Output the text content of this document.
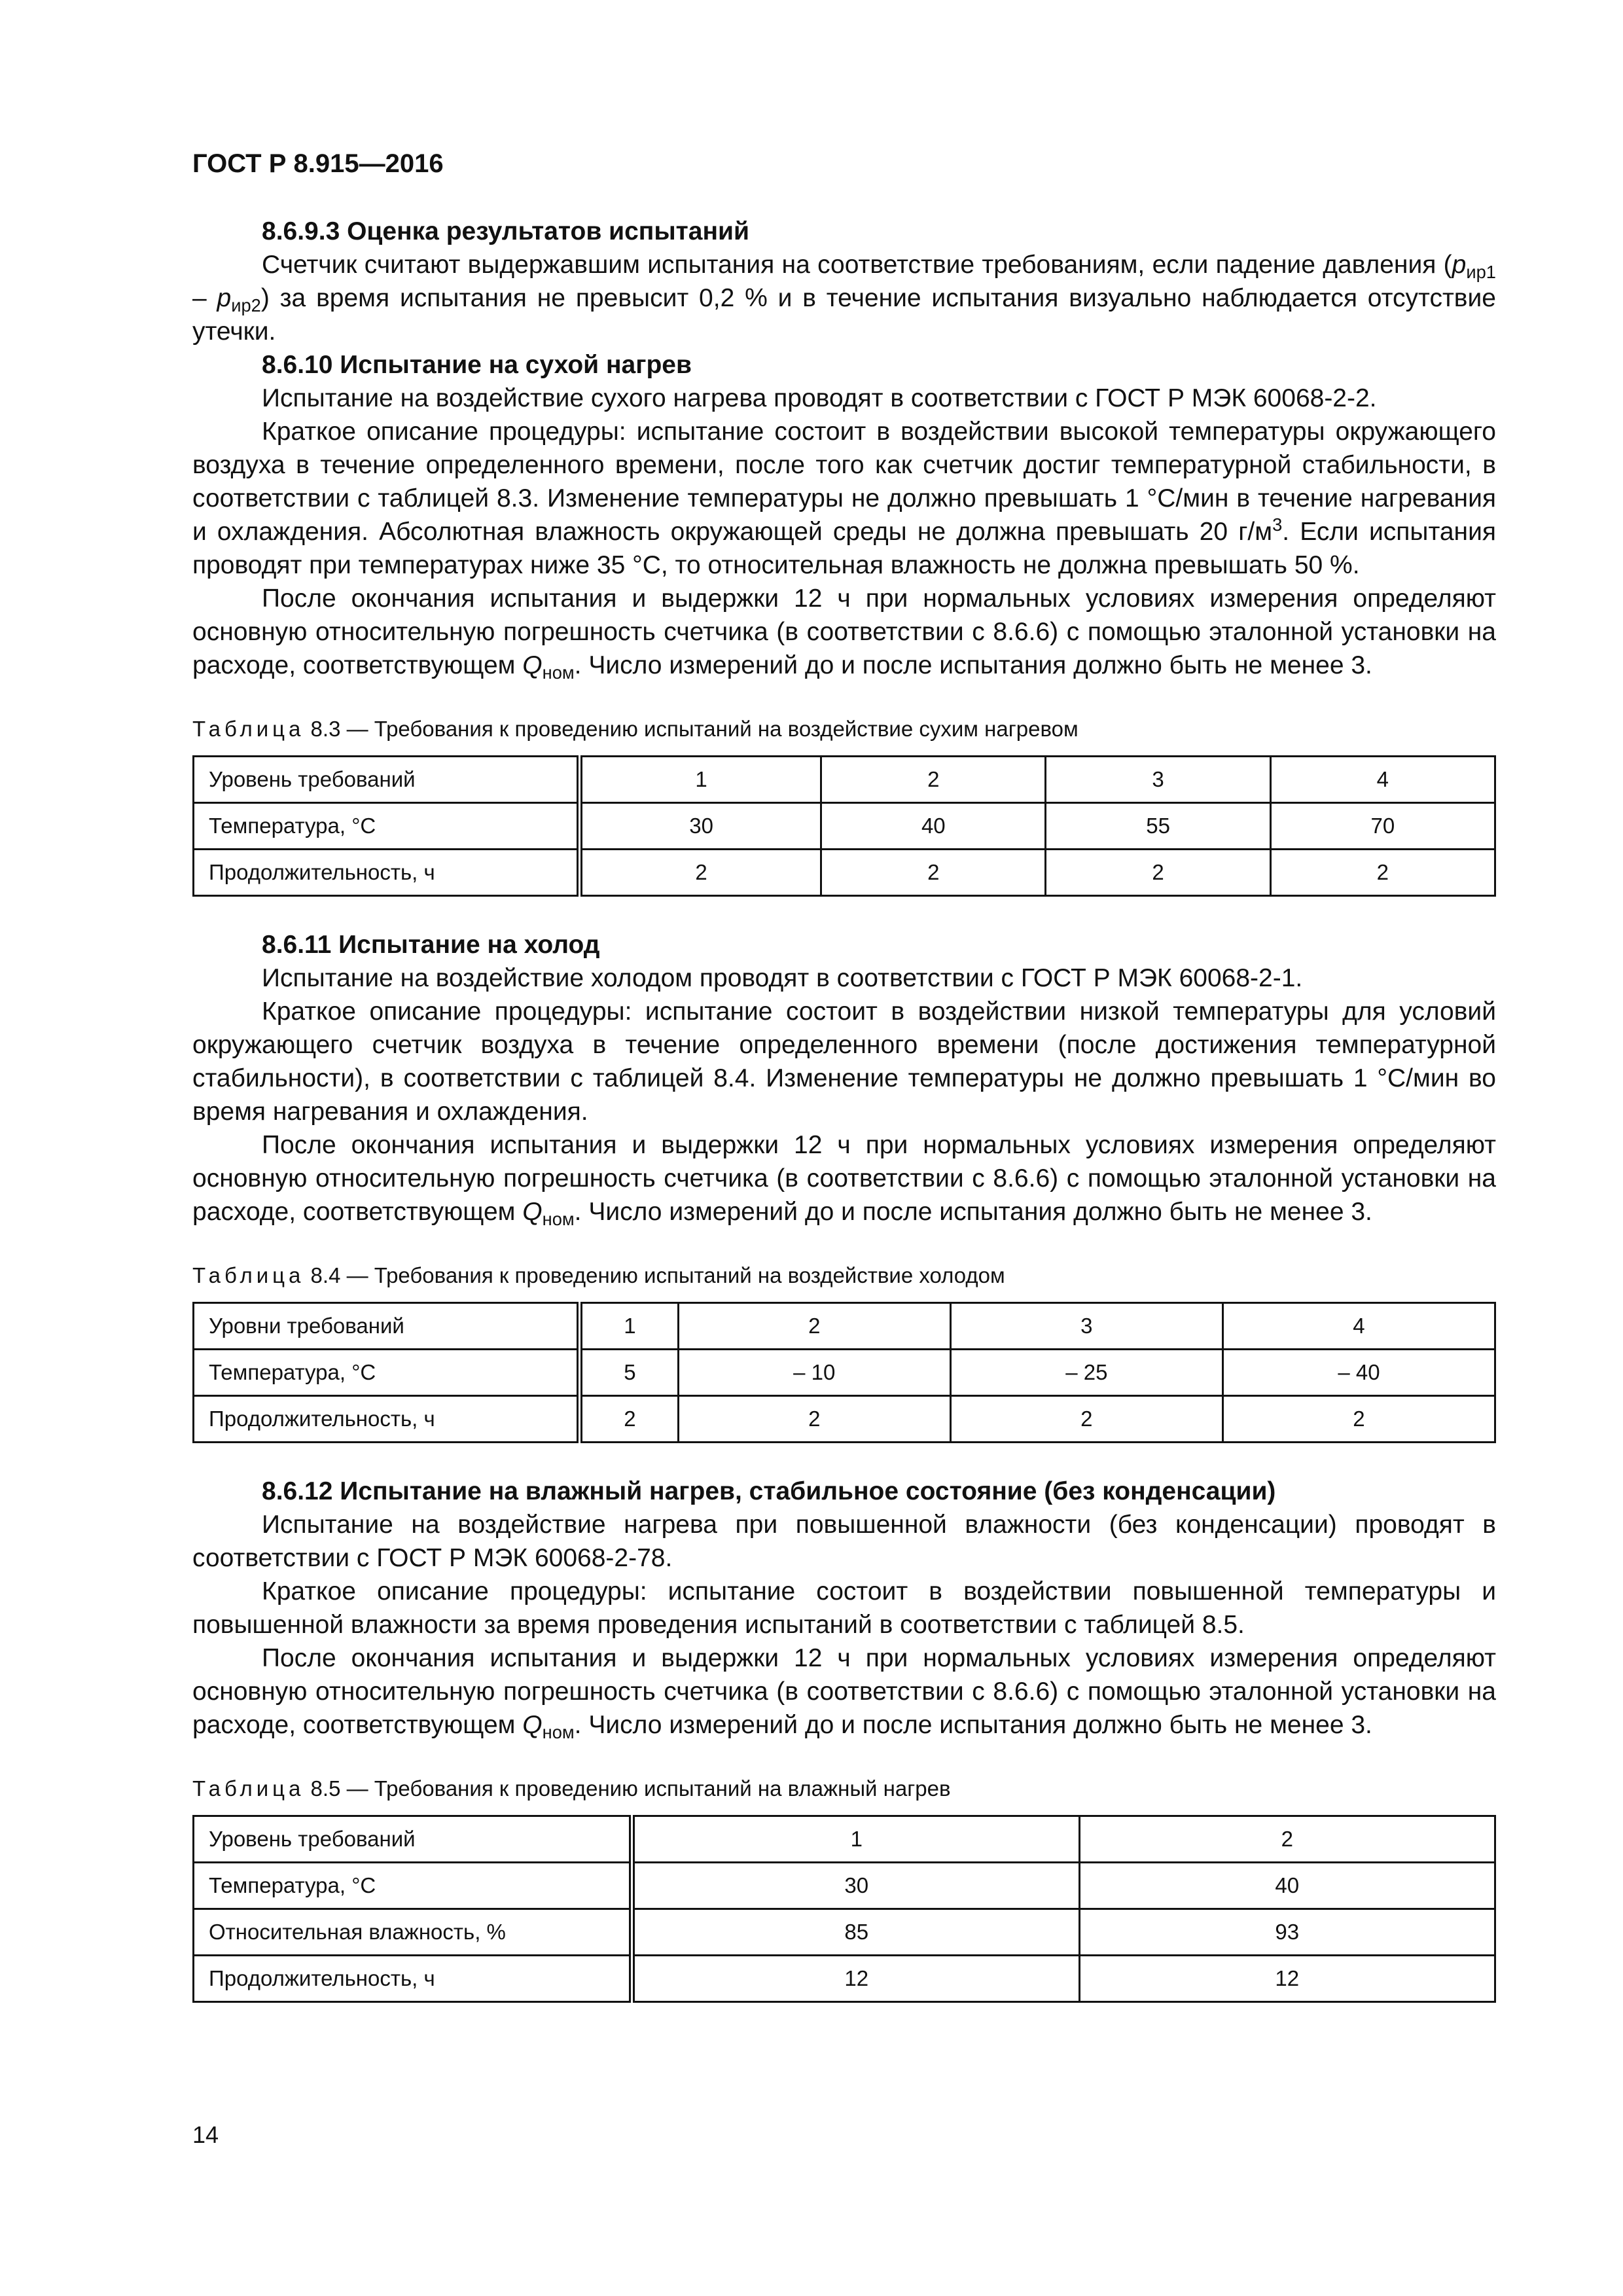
ГОСТ Р 8.915—2016

8.6.9.3 Оценка результатов испытаний

Счетчик считают выдержавшим испытания на соответствие требованиям, если падение давления $(p_{ир1} - p_{ир2})$ за время испытания не превысит 0,2 % и в течение испытания визуально наблюдается отсутствие утечки.

8.6.10 Испытание на сухой нагрев

Испытание на воздействие сухого нагрева проводят в соответствии с ГОСТ Р МЭК 60068-2-2.

Краткое описание процедуры: испытание состоит в воздействии высокой температуры окружающего воздуха в течение определенного времени, после того как счетчик достиг температурной стабильности, в соответствии с таблицей 8.3. Изменение температуры не должно превышать 1 °С/мин в течение нагревания и охлаждения. Абсолютная влажность окружающей среды не должна превышать 20 $г/м^3$. Если испытания проводят при температурах ниже 35 °С, то относительная влажность не должна превышать 50 %.

После окончания испытания и выдержки 12 ч при нормальных условиях измерения определяют основную относительную погрешность счетчика (в соответствии с 8.6.6) с помощью эталонной установки на расходе, соответствующем $Q_{ном}$. Число измерений до и после испытания должно быть не менее 3.

Таблица 8.3 — Требования к проведению испытаний на воздействие сухим нагревом
Уровень требований	1	2	3	4
Температура, °С	30	40	55	70
Продолжительность, ч	2	2	2	2

8.6.11 Испытание на холод

Испытание на воздействие холодом проводят в соответствии с ГОСТ Р МЭК 60068-2-1.

Краткое описание процедуры: испытание состоит в воздействии низкой температуры для условий окружающего счетчик воздуха в течение определенного времени (после достижения температурной стабильности), в соответствии с таблицей 8.4. Изменение температуры не должно превышать 1 °С/мин во время нагревания и охлаждения.

После окончания испытания и выдержки 12 ч при нормальных условиях измерения определяют основную относительную погрешность счетчика (в соответствии с 8.6.6) с помощью эталонной установки на расходе, соответствующем $Q_{ном}$. Число измерений до и после испытания должно быть не менее 3.

Таблица 8.4 — Требования к проведению испытаний на воздействие холодом
Уровни требований	1	2	3	4
Температура, °С	5	– 10	– 25	– 40
Продолжительность, ч	2	2	2	2

8.6.12 Испытание на влажный нагрев, стабильное состояние (без конденсации)

Испытание на воздействие нагрева при повышенной влажности (без конденсации) проводят в соответствии с ГОСТ Р МЭК 60068-2-78.

Краткое описание процедуры: испытание состоит в воздействии повышенной температуры и повышенной влажности за время проведения испытаний в соответствии с таблицей 8.5.

После окончания испытания и выдержки 12 ч при нормальных условиях измерения определяют основную относительную погрешность счетчика (в соответствии с 8.6.6) с помощью эталонной установки на расходе, соответствующем $Q_{ном}$. Число измерений до и после испытания должно быть не менее 3.

Таблица 8.5 — Требования к проведению испытаний на влажный нагрев
Уровень требований	1	2
Температура, °С	30	40
Относительная влажность, %	85	93
Продолжительность, ч	12	12
14
